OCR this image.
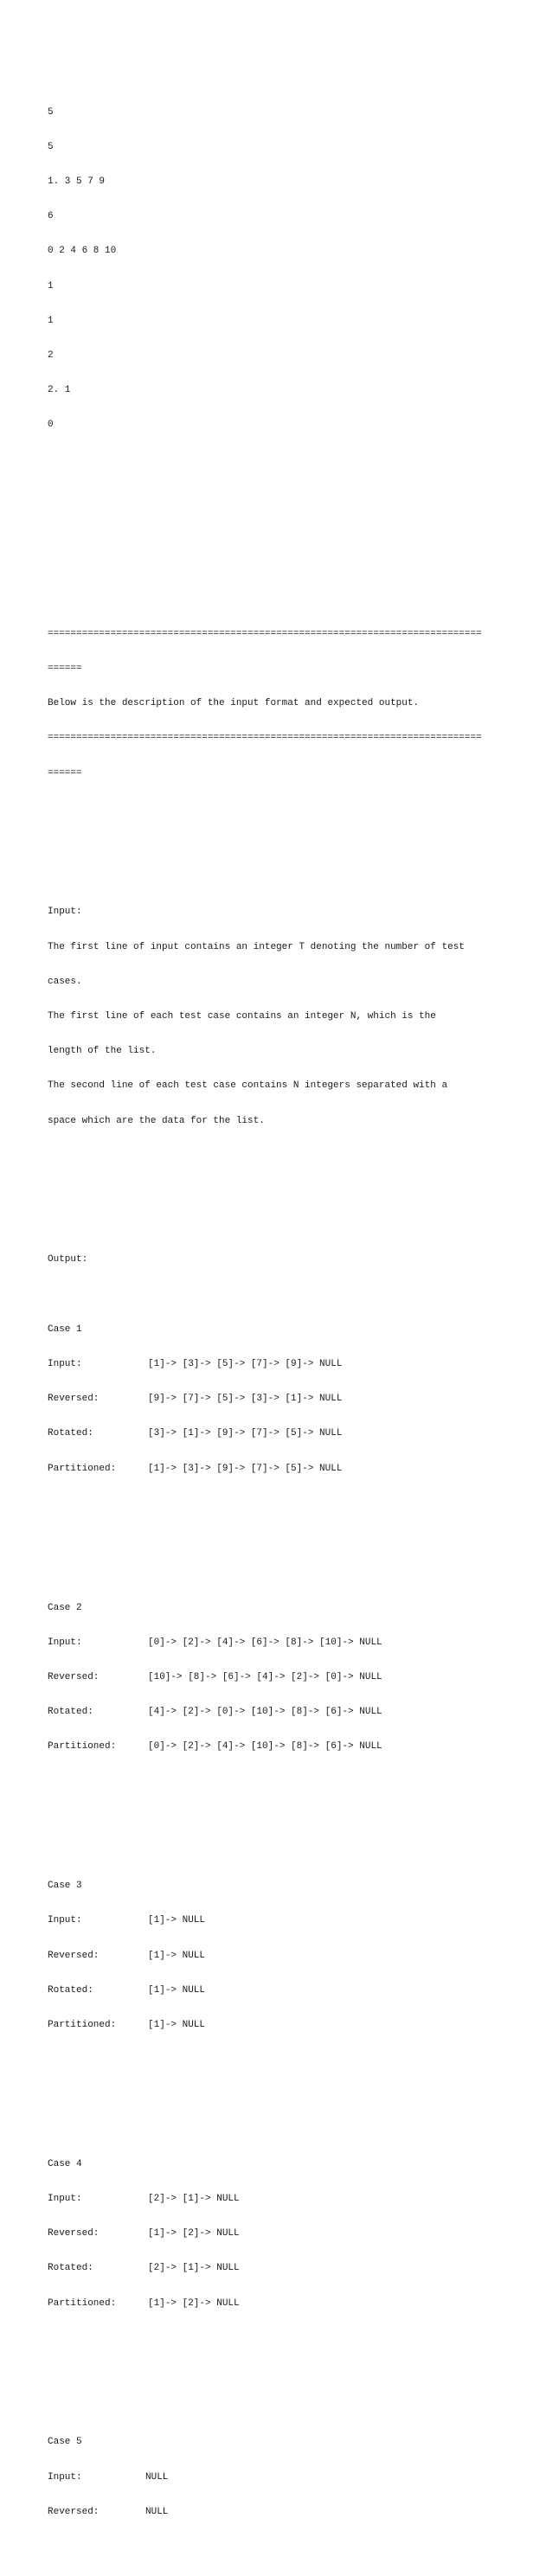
5

5

1. 3 5 7 9

6

0 2 4 6 8 10

1

1

2

2. 1

0

============================================================================

======

Below is the description of the input format and expected output.

============================================================================

======

Input:

The first line of input contains an integer T denoting the number of test

cases.

The first line of each test case contains an integer N, which is the

length of the list.

The second line of each test case contains N integers separated with a

space which are the data for the list.

Output:

Case 1

Input:	[1]-> [3]-> [5]-> [7]-> [9]-> NULL

Reversed:	[9]-> [7]-> [5]-> [3]-> [1]-> NULL

Rotated:	[3]-> [1]-> [9]-> [7]-> [5]-> NULL

Partitioned:	[1]-> [3]-> [9]-> [7]-> [5]-> NULL

Case 2

Input:	[0]-> [2]-> [4]-> [6]-> [8]-> [10]-> NULL

Reversed:	[10]-> [8]-> [6]-> [4]-> [2]-> [0]-> NULL

Rotated:	[4]-> [2]-> [0]-> [10]-> [8]-> [6]-> NULL

Partitioned:	[0]-> [2]-> [4]-> [10]-> [8]-> [6]-> NULL

Case 3

Input:	[1]-> NULL

Reversed:	[1]-> NULL

Rotated:	[1]-> NULL

Partitioned:	[1]-> NULL

Case 4

Input:	[2]-> [1]-> NULL

Reversed:	[1]-> [2]-> NULL

Rotated:	[2]-> [1]-> NULL

Partitioned:	[1]-> [2]-> NULL

Case 5

Input:	NULL

Reversed:	NULL
